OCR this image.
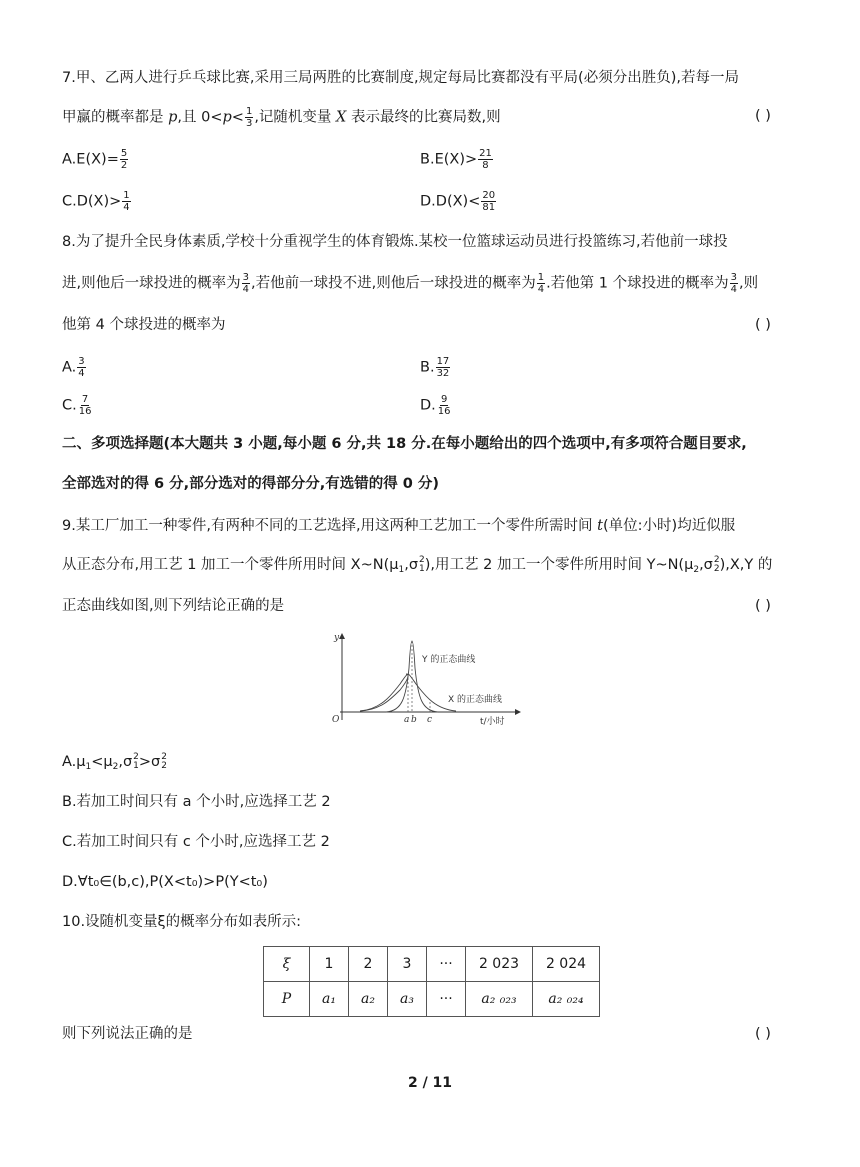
7.甲、乙两人进行乒乓球比赛,采用三局两胜的比赛制度,规定每局比赛都没有平局(必须分出胜负),若每一局
甲赢的概率都是 p,且 $0<p< \frac{1}{3}$ ,记随机变量 X 表示最终的比赛局数,则	( )
$A.E(X)= \frac{5}{2}$	$B.E(X)> \frac{21}{8}$
$C.D(X)> \frac{1}{4}$	$D.D(X)< \frac{20}{81}$
8.为了提升全民身体素质,学校十分重视学生的体育锻炼.某校一位篮球运动员进行投篮练习,若他前一球投
进,则他后一球投进的概率为 $\frac{3}{4}$ ,若他前一球投不进,则他后一球投进的概率为 $\frac{1}{4}$ .若他第 1 个球投进的概率为 $\frac{3}{4}$ ,则
他第 4 个球投进的概率为	( )
A. $\frac{3}{4}$	B. $\frac{17}{32}$
C. $\frac{7}{16}$	D. $\frac{9}{16}$
二、多项选择题(本大题共 3 小题,每小题 6 分,共 18 分.在每小题给出的四个选项中,有多项符合题目要求,
全部选对的得 6 分,部分选对的得部分分,有选错的得 0 分)
9.某工厂加工一种零件,有两种不同的工艺选择,用这两种工艺加工一个零件所需时间 t(单位:小时)均近似服
从正态分布,用工艺 1 加工一个零件所用时间 $X\sim N(\mu_1,\sigma$ 2
1 ),用工艺 2 加工一个零件所用时间 $Y\sim N(\mu_2,\sigma$ 2
2 ),X,Y 的
正态曲线如图,则下列结论正确的是	( )
y
Y 的正态曲线
X 的正态曲线
O	a b c	t/小时
$A.\mu_1<\mu_2,\sigma$ 2
1 >σ 2
2
B.若加工时间只有 a 个小时,应选择工艺 2
C.若加工时间只有 c 个小时,应选择工艺 2
D.∀t₀∈(b,c),P(X<t₀)>P(Y<t₀)
10.设随机变量ξ的概率分布如表所示:
ξ	1	2	3	···	2 023	2 024
P	a₁	a₂	a₃	···	a₂ ₀₂₃	a₂ ₀₂₄
则下列说法正确的是	( )
2 / 11
